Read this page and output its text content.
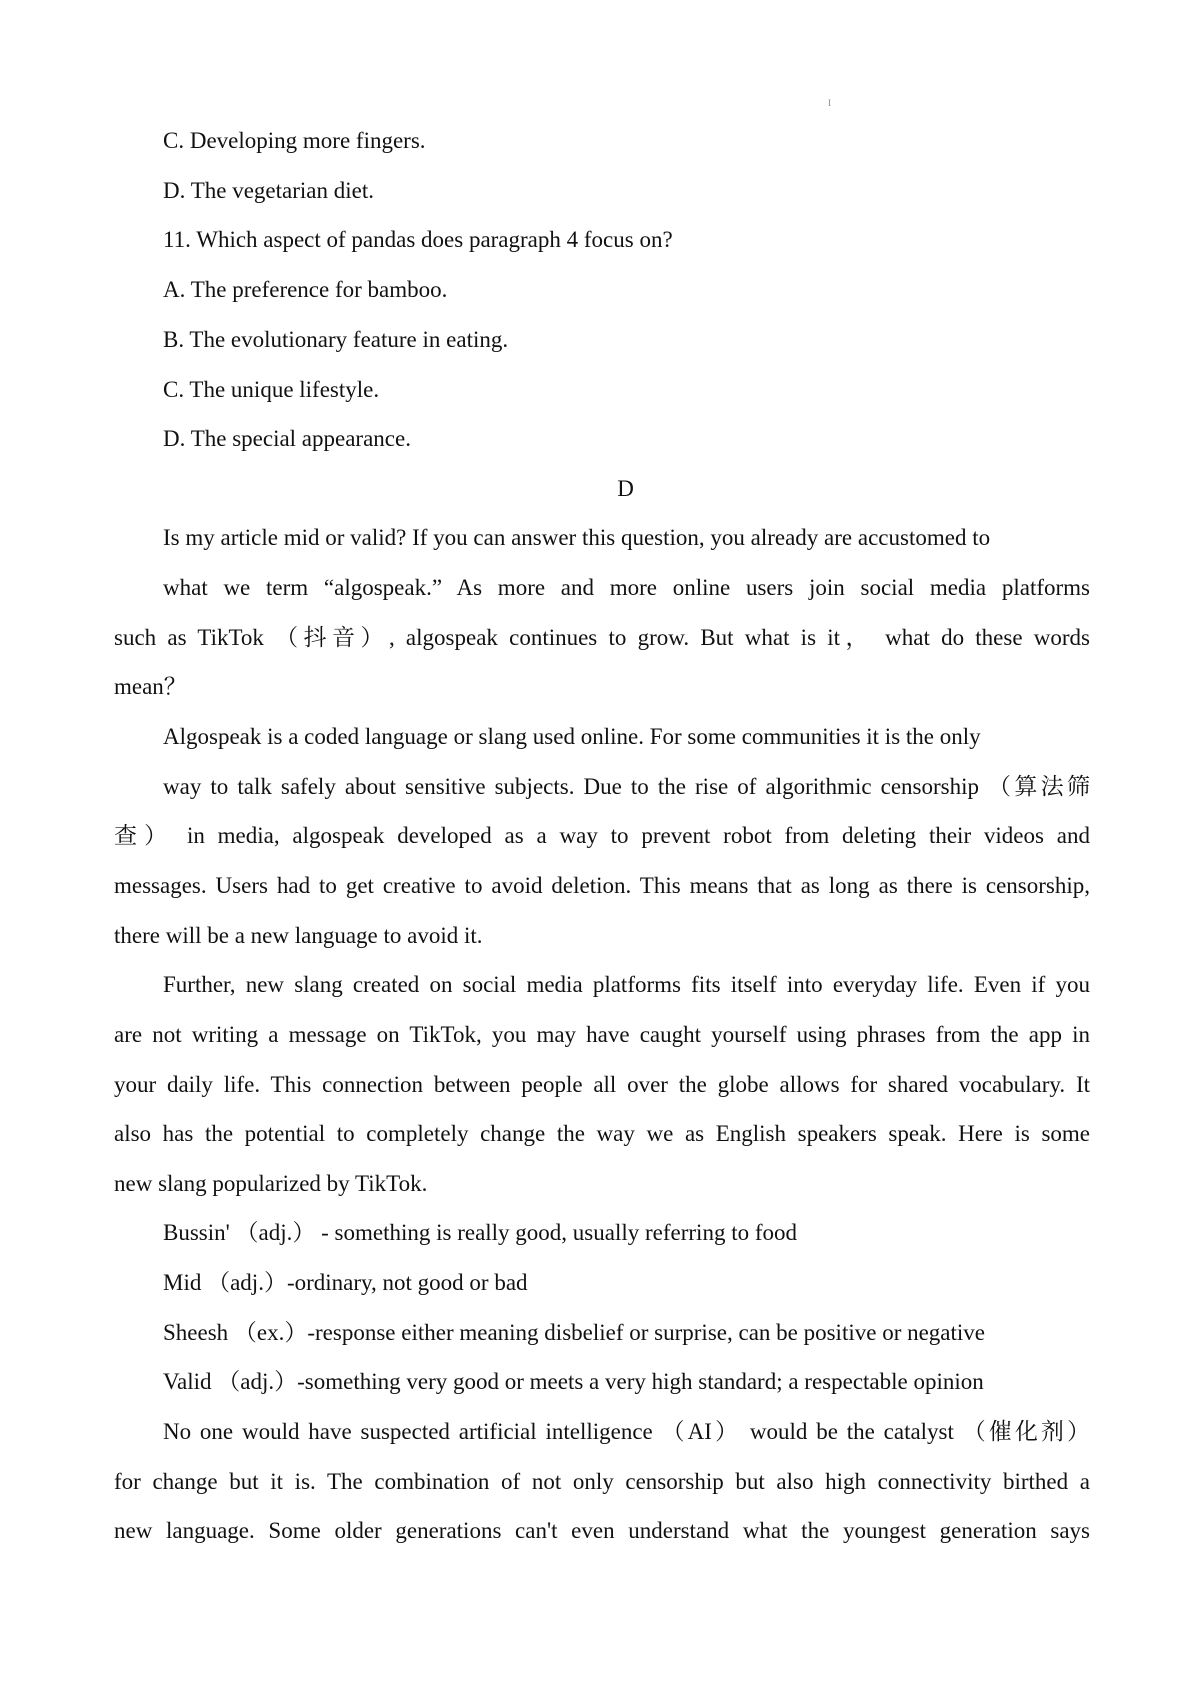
I
C. Developing more fingers.
D. The vegetarian diet.
11. Which aspect of pandas does paragraph 4 focus on?
A. The preference for bamboo.
B. The evolutionary feature in eating.
C. The unique lifestyle.
D. The special appearance.
D
Is my article mid or valid? If you can answer this question, you already are accustomed to
what we term “algospeak.” As more and more online users join social media platforms
such as TikTok （抖音）, algospeak continues to grow. But what is it， what do these words
mean？
Algospeak is a coded language or slang used online. For some communities it is the only
way to talk safely about sensitive subjects. Due to the rise of algorithmic censorship （算法筛
查） in media, algospeak developed as a way to prevent robot from deleting their videos and
messages. Users had to get creative to avoid deletion. This means that as long as there is censorship,
there will be a new language to avoid it.
Further, new slang created on social media platforms fits itself into everyday life. Even if you
are not writing a message on TikTok, you may have caught yourself using phrases from the app in
your daily life. This connection between people all over the globe allows for shared vocabulary. It
also has the potential to completely change the way we as English speakers speak. Here is some
new slang popularized by TikTok.
Bussin' （adj.） - something is really good, usually referring to food
Mid （adj.）-ordinary, not good or bad
Sheesh （ex.）-response either meaning disbelief or surprise, can be positive or negative
Valid （adj.）-something very good or meets a very high standard; a respectable opinion
No one would have suspected artificial intelligence （AI） would be the catalyst （催化剂）
for change but it is. The combination of not only censorship but also high connectivity birthed a
new language. Some older generations can't even understand what the youngest generation says
